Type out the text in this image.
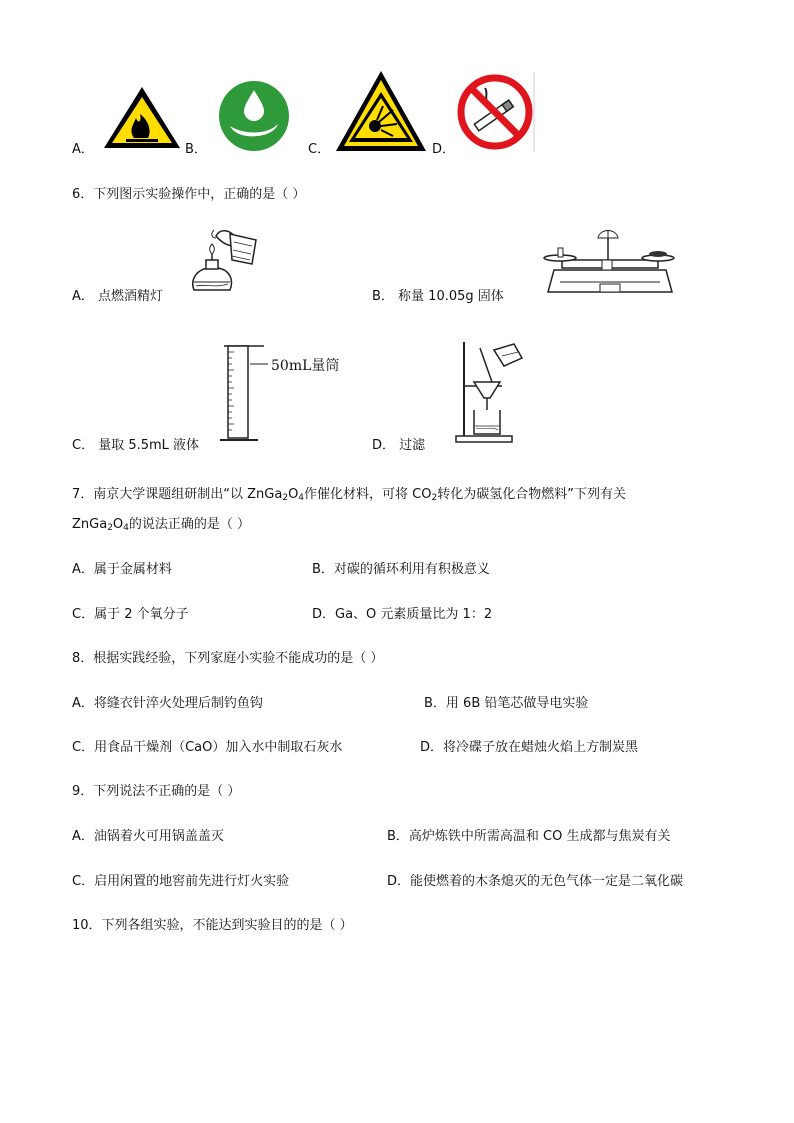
A．	B．	C．	D．
6．下列图示实验操作中，正确的是（ ）
A． 点燃酒精灯	B． 称量 10.05g 固体
50mL量筒
C． 量取 5.5mL 液体	D． 过滤
7．南京大学课题组研制出“以 $ZnGa_2O_4$作催化材料，可将 $CO_2$转化为碳氢化合物燃料”下列有关
$ZnGa_2O_4$的说法正确的是（ ）
A．属于金属材料	B．对碳的循环利用有积极意义
C．属于 2 个氧分子	D．Ga、O 元素质量比为 1：2
8．根据实践经验，下列家庭小实验不能成功的是（ ）
A．将缝衣针淬火处理后制钓鱼钩	B．用 6B 铅笔芯做导电实验
C．用食品干燥剂（CaO）加入水中制取石灰水	D．将冷碟子放在蜡烛火焰上方制炭黑
9．下列说法不正确的是（ ）
A．油锅着火可用锅盖盖灭	B．高炉炼铁中所需高温和 CO 生成都与焦炭有关
C．启用闲置的地窖前先进行灯火实验	D．能使燃着的木条熄灭的无色气体一定是二氧化碳
10．下列各组实验，不能达到实验目的的是（ ）
